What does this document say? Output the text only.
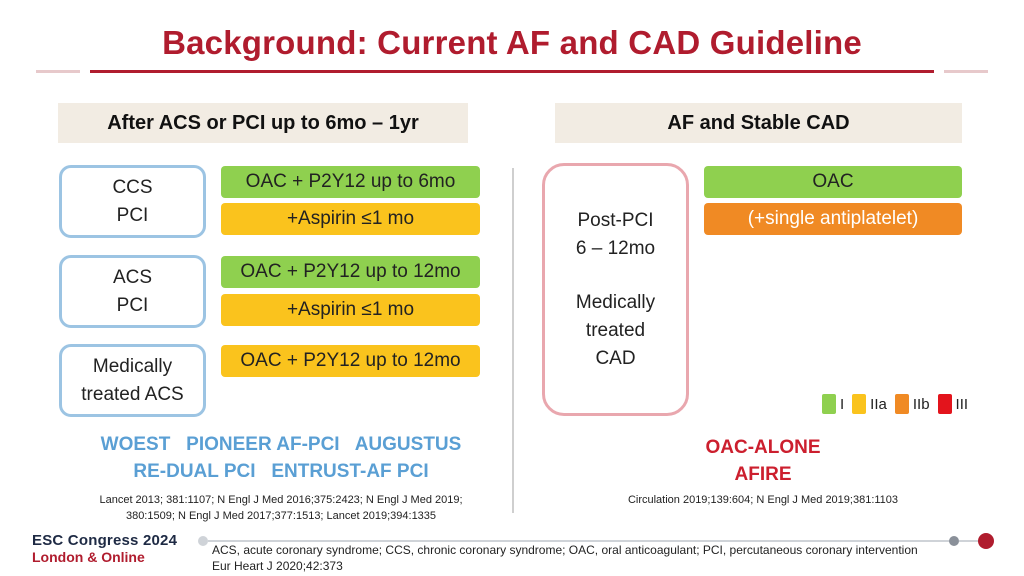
Background: Current AF and CAD Guideline
After ACS or PCI up to 6mo – 1yr
CCS
PCI
OAC + P2Y12 up to 6mo
+Aspirin ≤1 mo
ACS
PCI
OAC + P2Y12 up to 12mo
+Aspirin ≤1 mo
Medically
treated ACS
OAC + P2Y12 up to 12mo
WOEST   PIONEER AF-PCI   AUGUSTUS
RE-DUAL PCI   ENTRUST-AF PCI
Lancet 2013; 381:1107; N Engl J Med 2016;375:2423; N Engl J Med 2019;
380:1509; N Engl J Med 2017;377:1513; Lancet 2019;394:1335
AF and Stable CAD
Post-PCI
6 – 12mo
Medically
treated
CAD
OAC
(+single antiplatelet)
I IIa IIb III
OAC-ALONE
AFIRE
Circulation 2019;139:604; N Engl J Med 2019;381:1103
ESC Congress 2024
London & Online	ACS, acute coronary syndrome; CCS, chronic coronary syndrome; OAC, oral anticoagulant; PCI, percutaneous coronary intervention
Eur Heart J 2020;42:373
